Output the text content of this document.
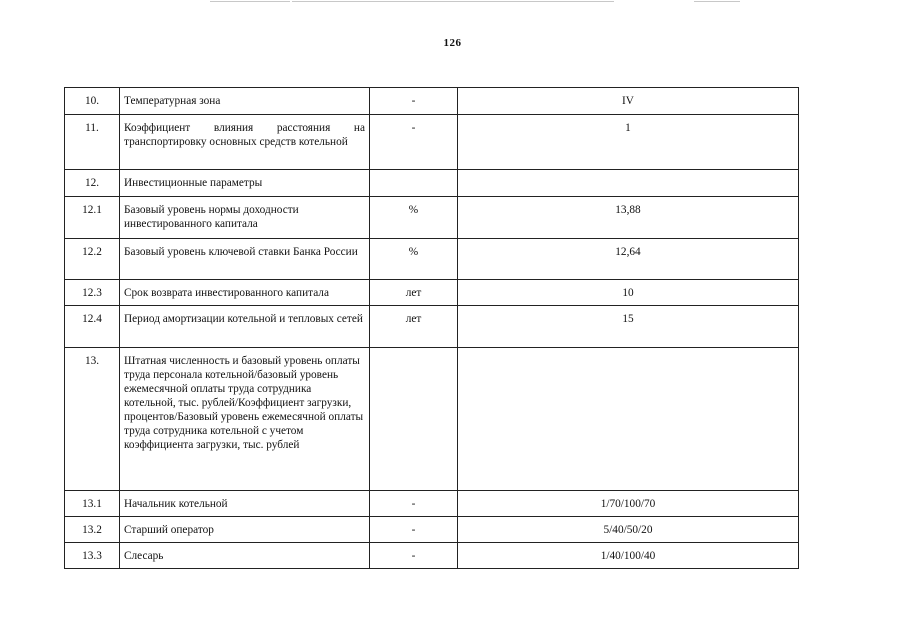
126
10.	Температурная зона	-	IV
11.	Коэффициент влияния расстояния на транспортировку основных средств котельной	-	1
12.	Инвестиционные параметры		
12.1	Базовый уровень нормы доходности инвестированного капитала	%	13,88
12.2	Базовый уровень ключевой ставки Банка России	%	12,64
12.3	Срок возврата инвестированного капитала	лет	10
12.4	Период амортизации котельной и тепловых сетей	лет	15
13.	Штатная численность и базовый уровень оплаты труда персонала котельной/базовый уровень ежемесячной оплаты труда сотрудника котельной, тыс. рублей/Коэффициент загрузки, процентов/Базовый уровень ежемесячной оплаты труда сотрудника котельной с учетом коэффициента загрузки, тыс. рублей		
13.1	Начальник котельной	-	1/70/100/70
13.2	Старший оператор	-	5/40/50/20
13.3	Слесарь	-	1/40/100/40
